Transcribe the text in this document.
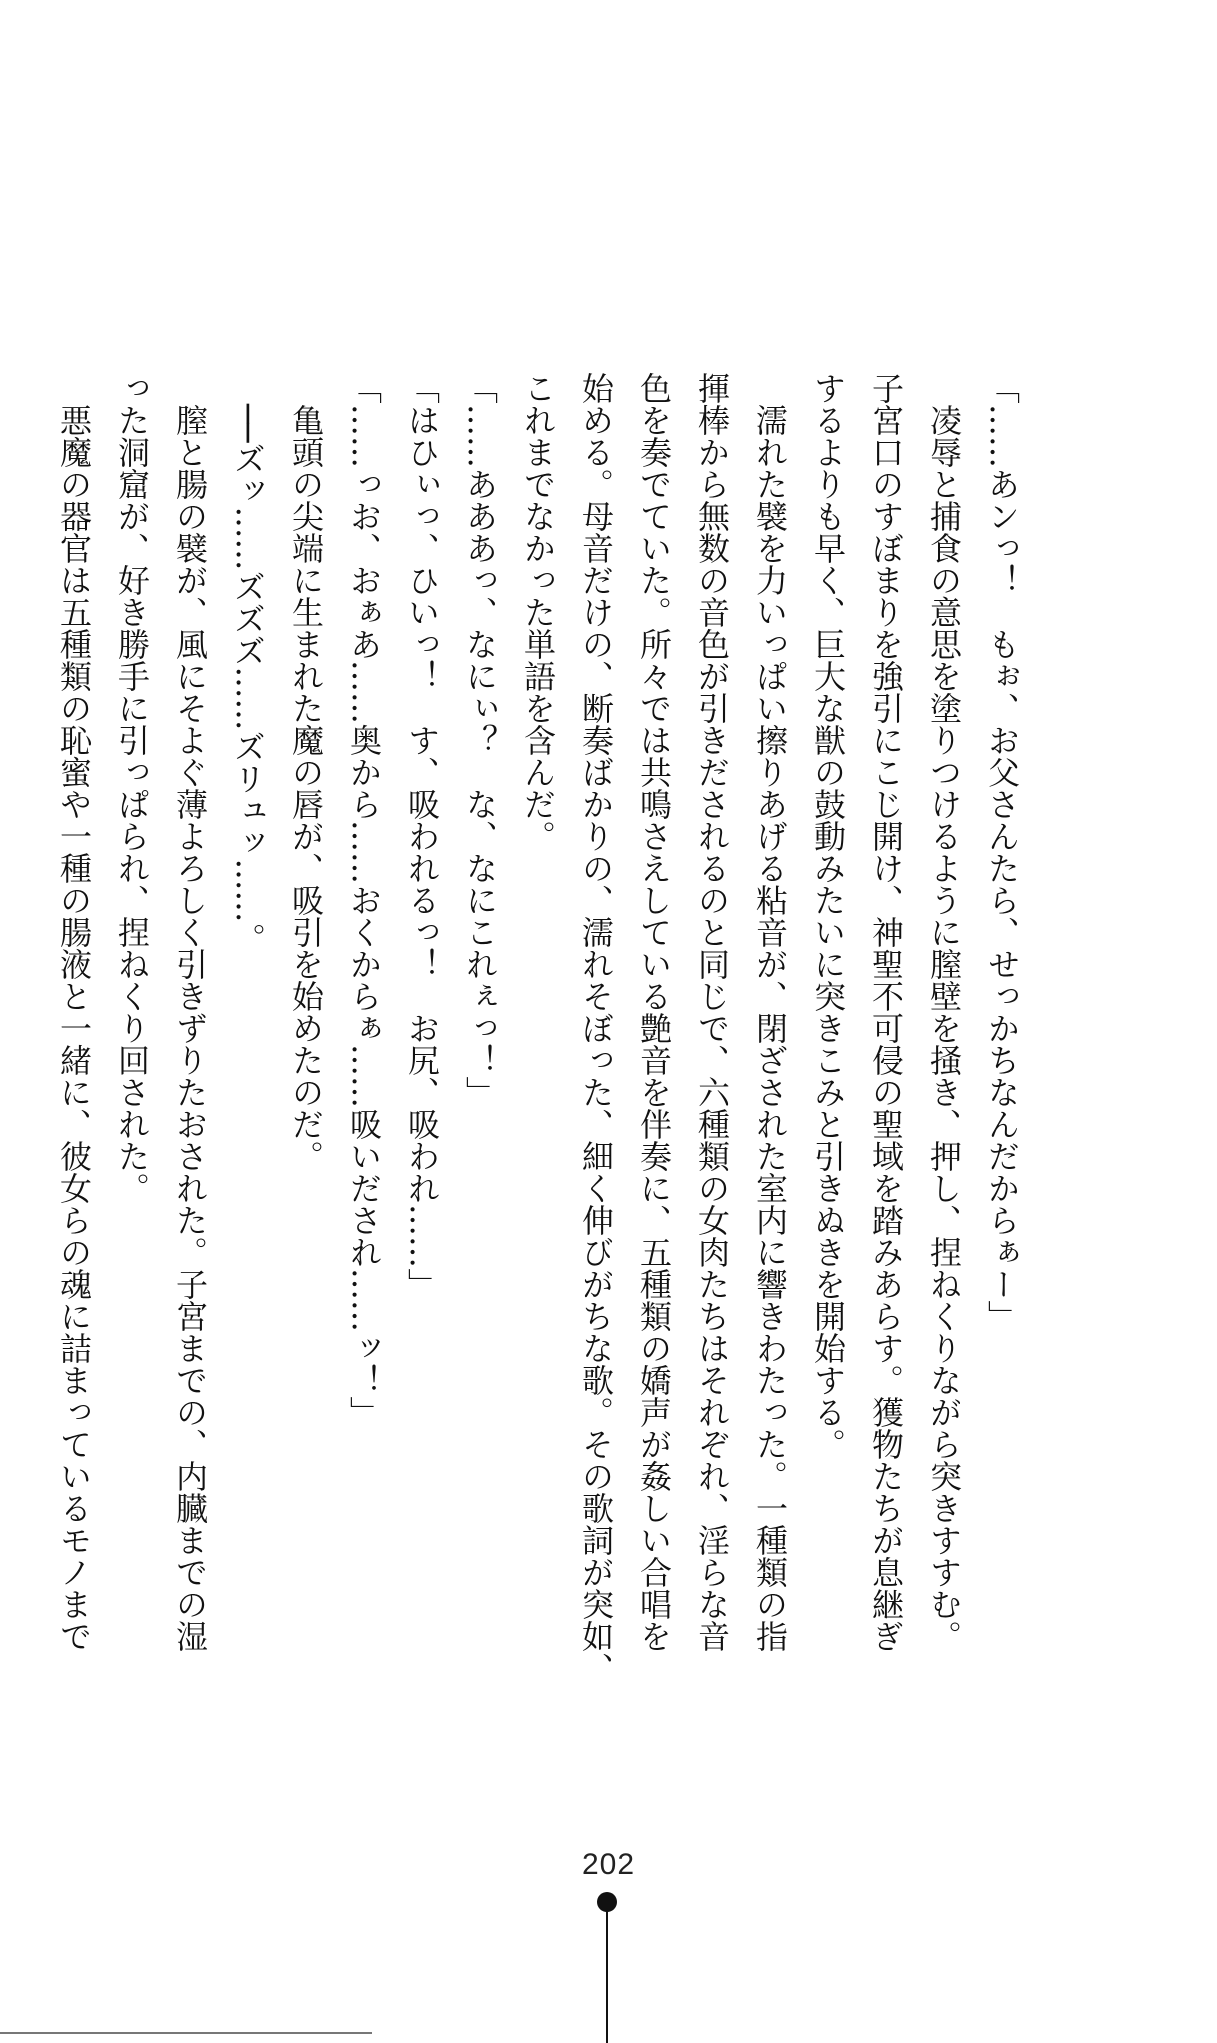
「……あンっ！　もぉ、お父さんたら、せっかちなんだからぁー」

　凌辱と捕食の意思を塗りつけるように膣壁を掻き、押し、捏ねくりながら突きすすむ。

子宮口のすぼまりを強引にこじ開け、神聖不可侵の聖域を踏みあらす。獲物たちが息継ぎ

するよりも早く、巨大な獣の鼓動みたいに突きこみと引きぬきを開始する。

　濡れた襞を力いっぱい擦りあげる粘音が、閉ざされた室内に響きわたった。一種類の指

揮棒から無数の音色が引きだされるのと同じで、六種類の女肉たちはそれぞれ、淫らな音

色を奏でていた。所々では共鳴さえしている艶音を伴奏に、五種類の嬌声が姦しい合唱を

始める。母音だけの、断奏ばかりの、濡れそぼった、細く伸びがちな歌。その歌詞が突如、

これまでなかった単語を含んだ。

「……あああっ、なにぃ？　な、なにこれぇっ！」

「はひぃっ、ひいっ！　す、吸われるっ！　お尻、吸われ……」

「……っお、おぁあ……奥から……おくからぁ……吸いだされ……ッ！」

　亀頭の尖端に生まれた魔の唇が、吸引を始めたのだ。

　──ズッ……ズズズ……ズリュッ……。

　膣と腸の襞が、風にそよぐ薄よろしく引きずりたおされた。子宮までの、内臓までの湿

った洞窟が、好き勝手に引っぱられ、捏ねくり回された。

　悪魔の器官は五種類の恥蜜や一種の腸液と一緒に、彼女らの魂に詰まっているモノまで

202
